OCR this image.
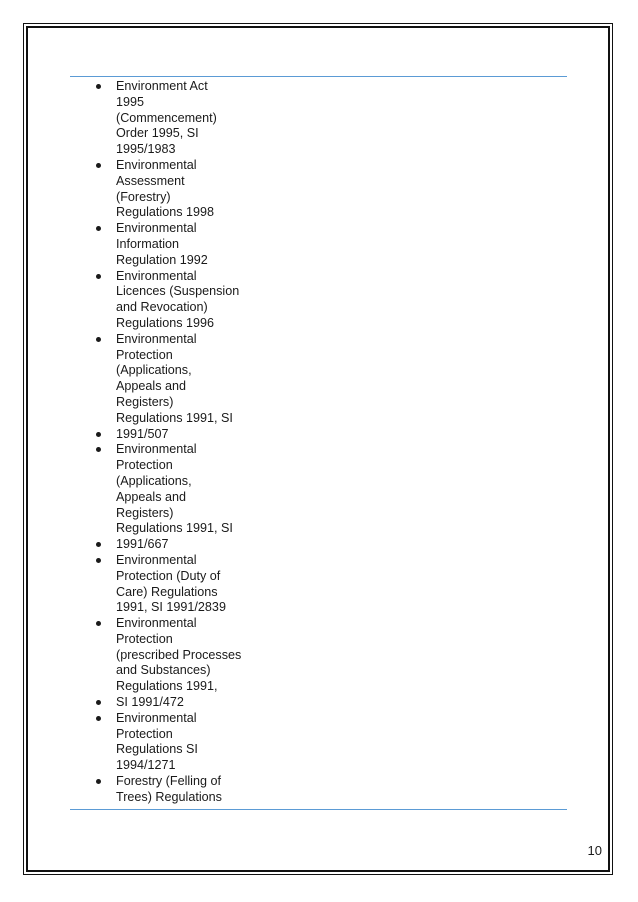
Environment Act
1995
(Commencement)
Order 1995, SI
1995/1983
Environmental
Assessment
(Forestry)
Regulations 1998
Environmental
Information
Regulation 1992
Environmental
Licences (Suspension
and Revocation)
Regulations 1996
Environmental
Protection
(Applications,
Appeals and
Registers)
Regulations 1991, SI
1991/507
Environmental
Protection
(Applications,
Appeals and
Registers)
Regulations 1991, SI
1991/667
Environmental
Protection (Duty of
Care) Regulations
1991, SI 1991/2839
Environmental
Protection
(prescribed Processes
and Substances)
Regulations 1991,
SI 1991/472
Environmental
Protection
Regulations SI
1994/1271
Forestry (Felling of
Trees) Regulations
10
